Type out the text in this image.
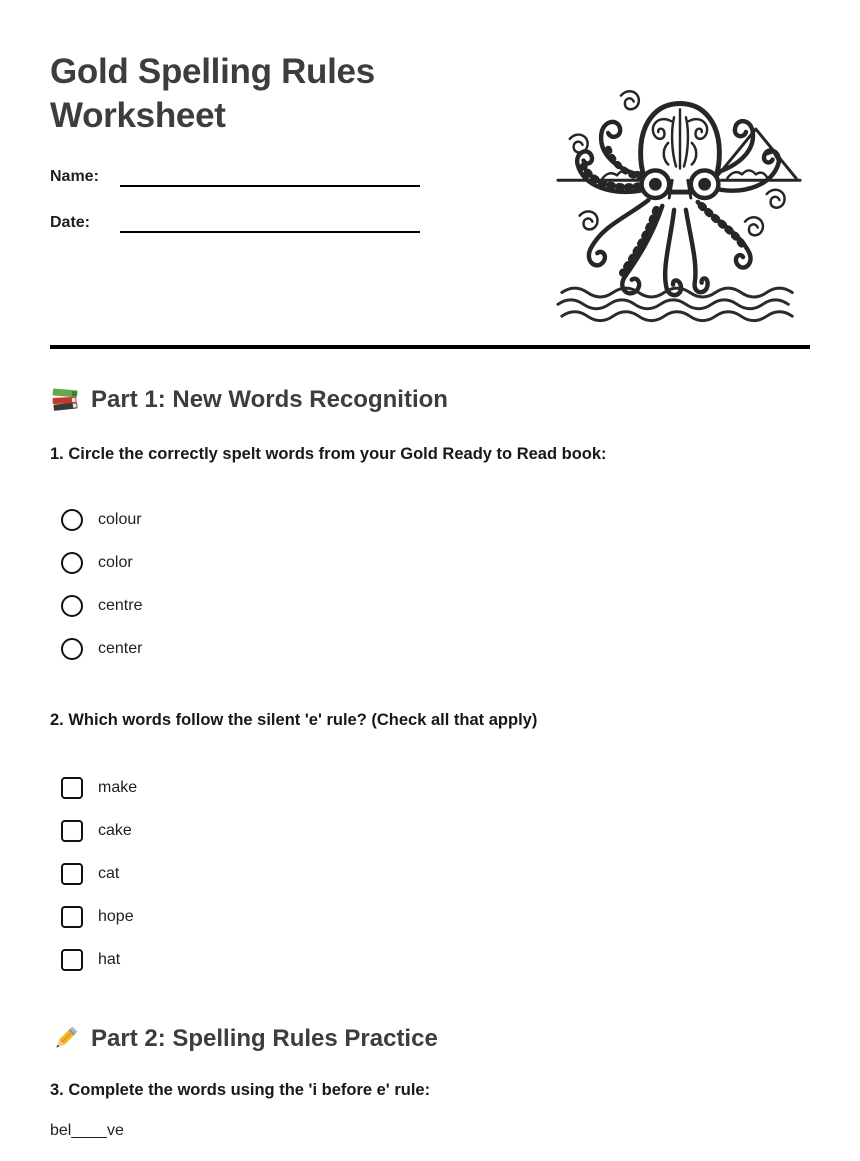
Gold Spelling Rules Worksheet
Name:
Date:
Part 1: New Words Recognition
1. Circle the correctly spelt words from your Gold Ready to Read book:
colour
color
centre
center
2. Which words follow the silent 'e' rule? (Check all that apply)
make
cake
cat
hope
hat
Part 2: Spelling Rules Practice
3. Complete the words using the 'i before e' rule:
bel____ve
